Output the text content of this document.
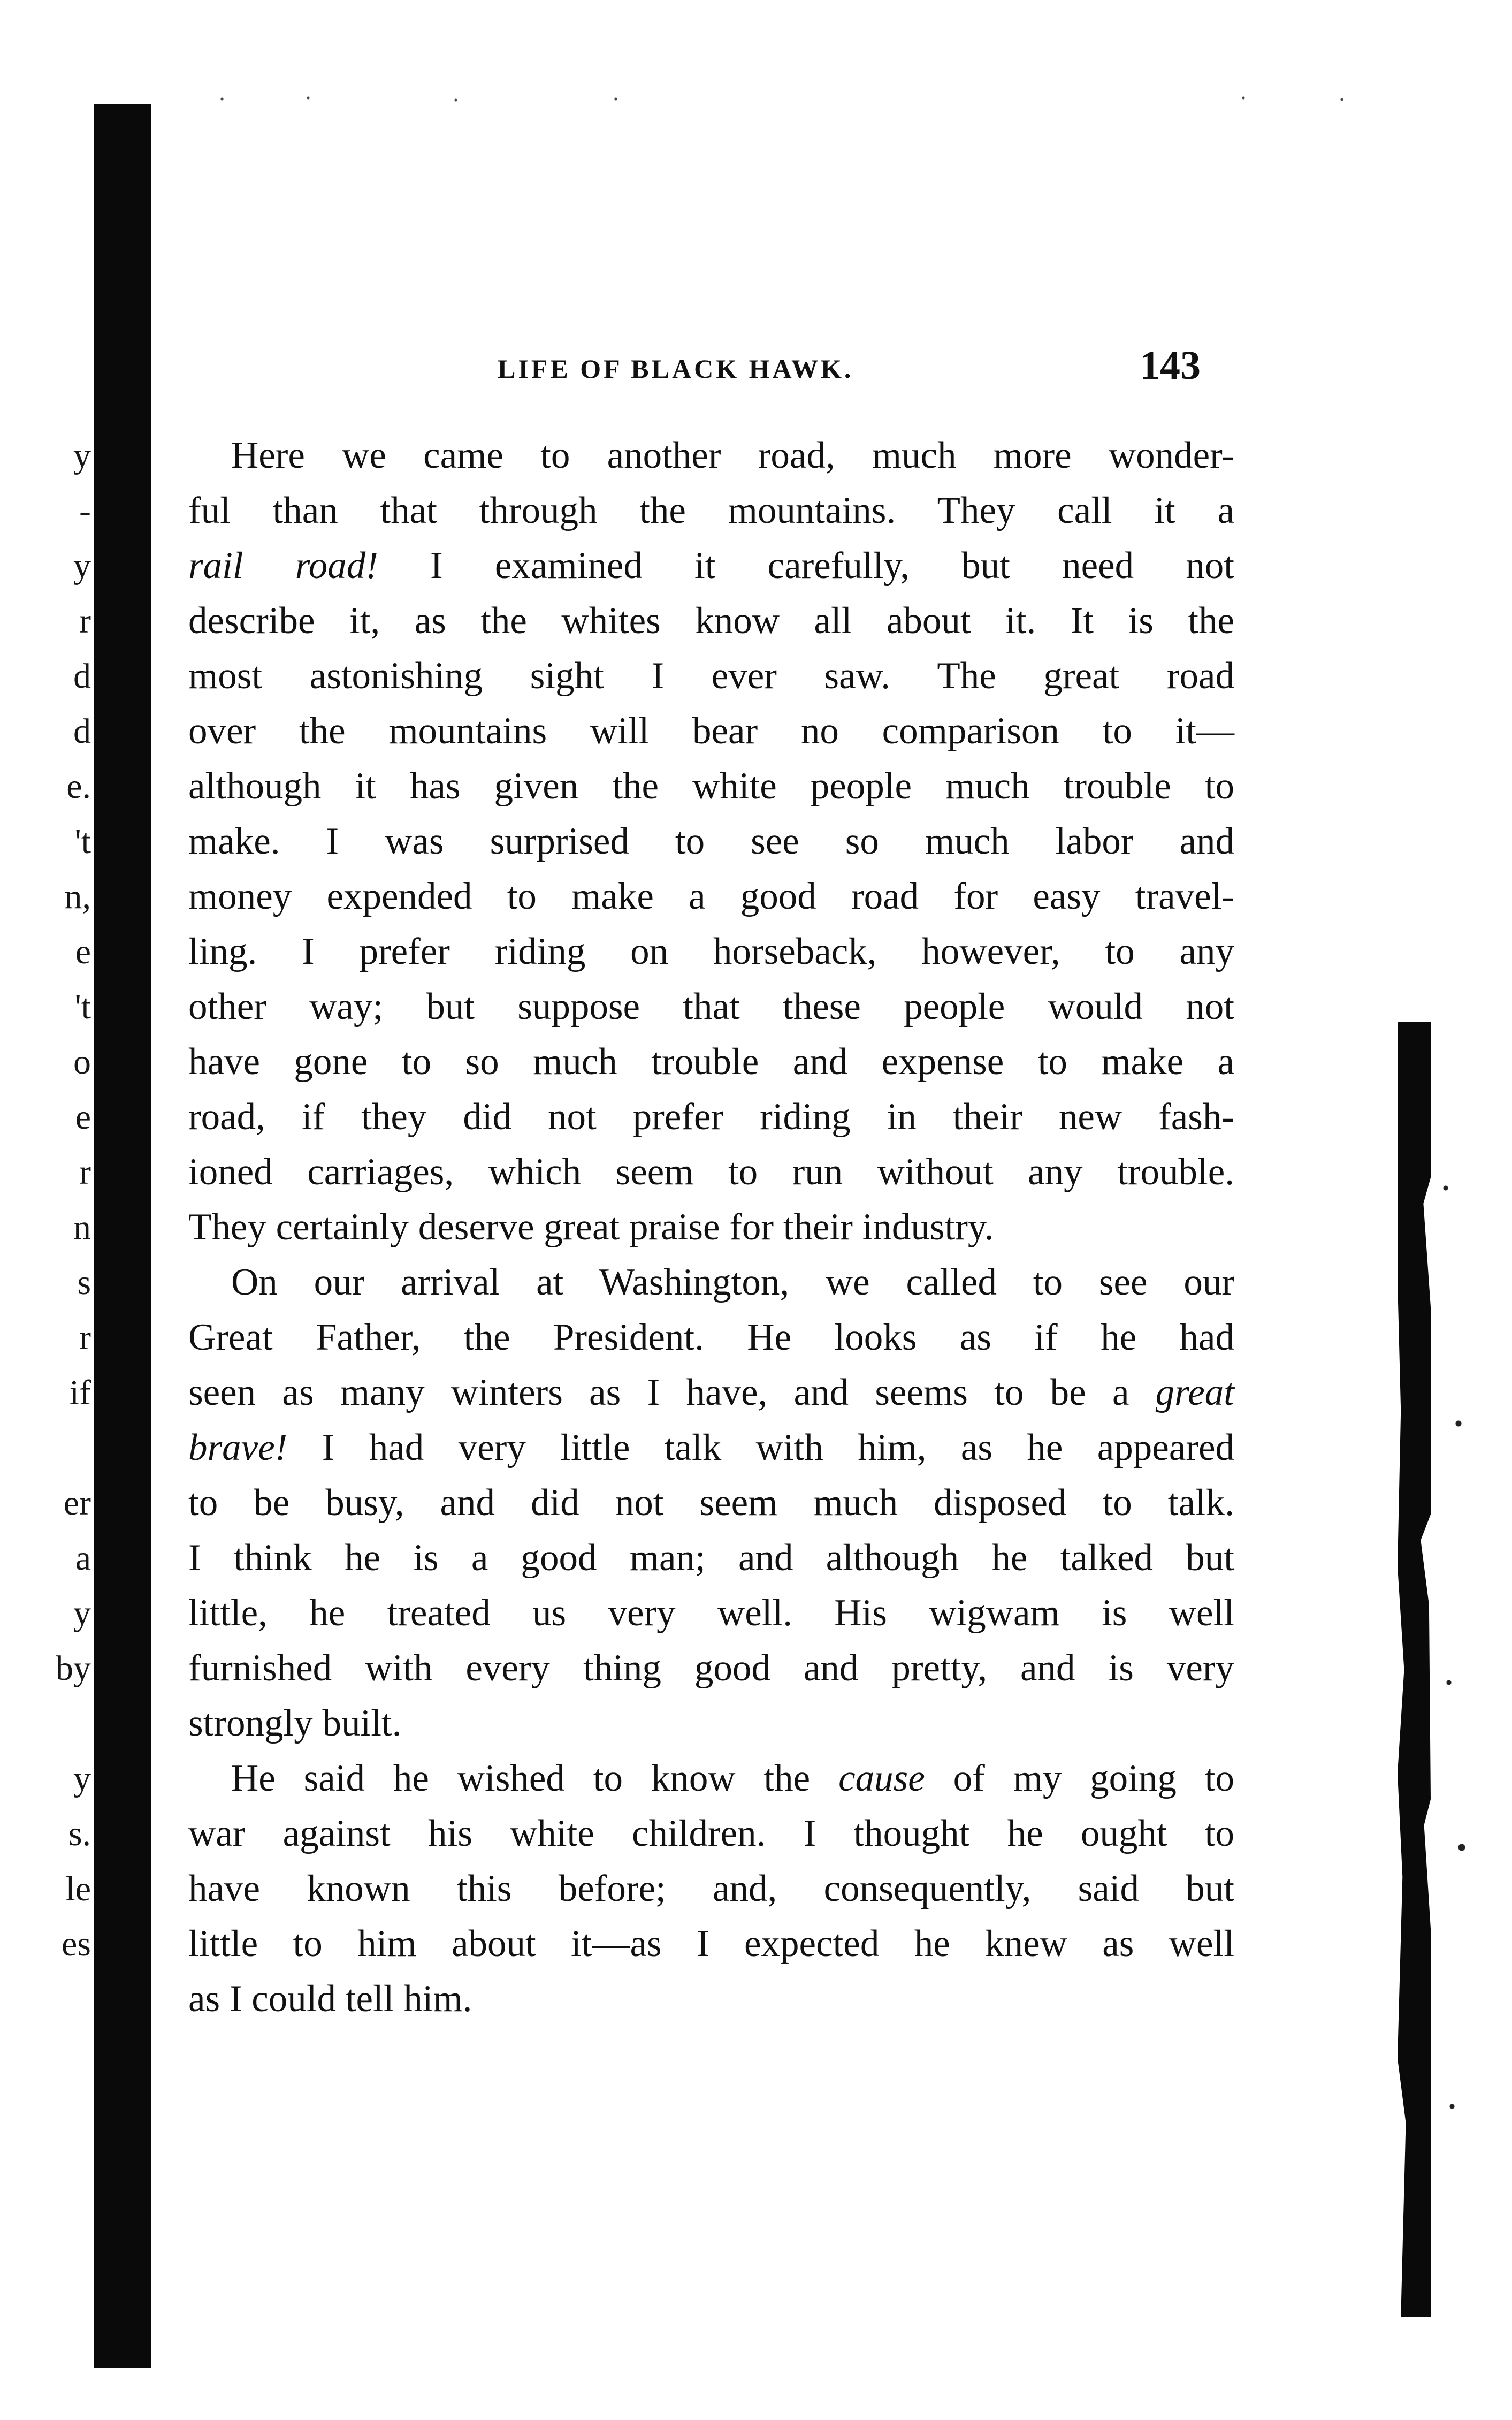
y
-
y
r
d
d
e.
't
n,
e
't
o
e
r
n
s
r
if
er
a
y
by
y
s.
le
es
LIFE OF BLACK HAWK.	143
Here we came to another road, much more wonder-
ful than that through the mountains. They call it a
rail road! I examined it carefully, but need not
describe it, as the whites know all about it. It is the
most astonishing sight I ever saw. The great road
over the mountains will bear no comparison to it—
although it has given the white people much trouble to
make. I was surprised to see so much labor and
money expended to make a good road for easy travel-
ling. I prefer riding on horseback, however, to any
other way; but suppose that these people would not
have gone to so much trouble and expense to make a
road, if they did not prefer riding in their new fash-
ioned carriages, which seem to run without any trouble.
They certainly deserve great praise for their industry.
On our arrival at Washington, we called to see our
Great Father, the President. He looks as if he had
seen as many winters as I have, and seems to be a great
brave! I had very little talk with him, as he appeared
to be busy, and did not seem much disposed to talk.
I think he is a good man; and although he talked but
little, he treated us very well. His wigwam is well
furnished with every thing good and pretty, and is very
strongly built.
He said he wished to know the cause of my going to
war against his white children. I thought he ought to
have known this before; and, consequently, said but
little to him about it—as I expected he knew as well
as I could tell him.
